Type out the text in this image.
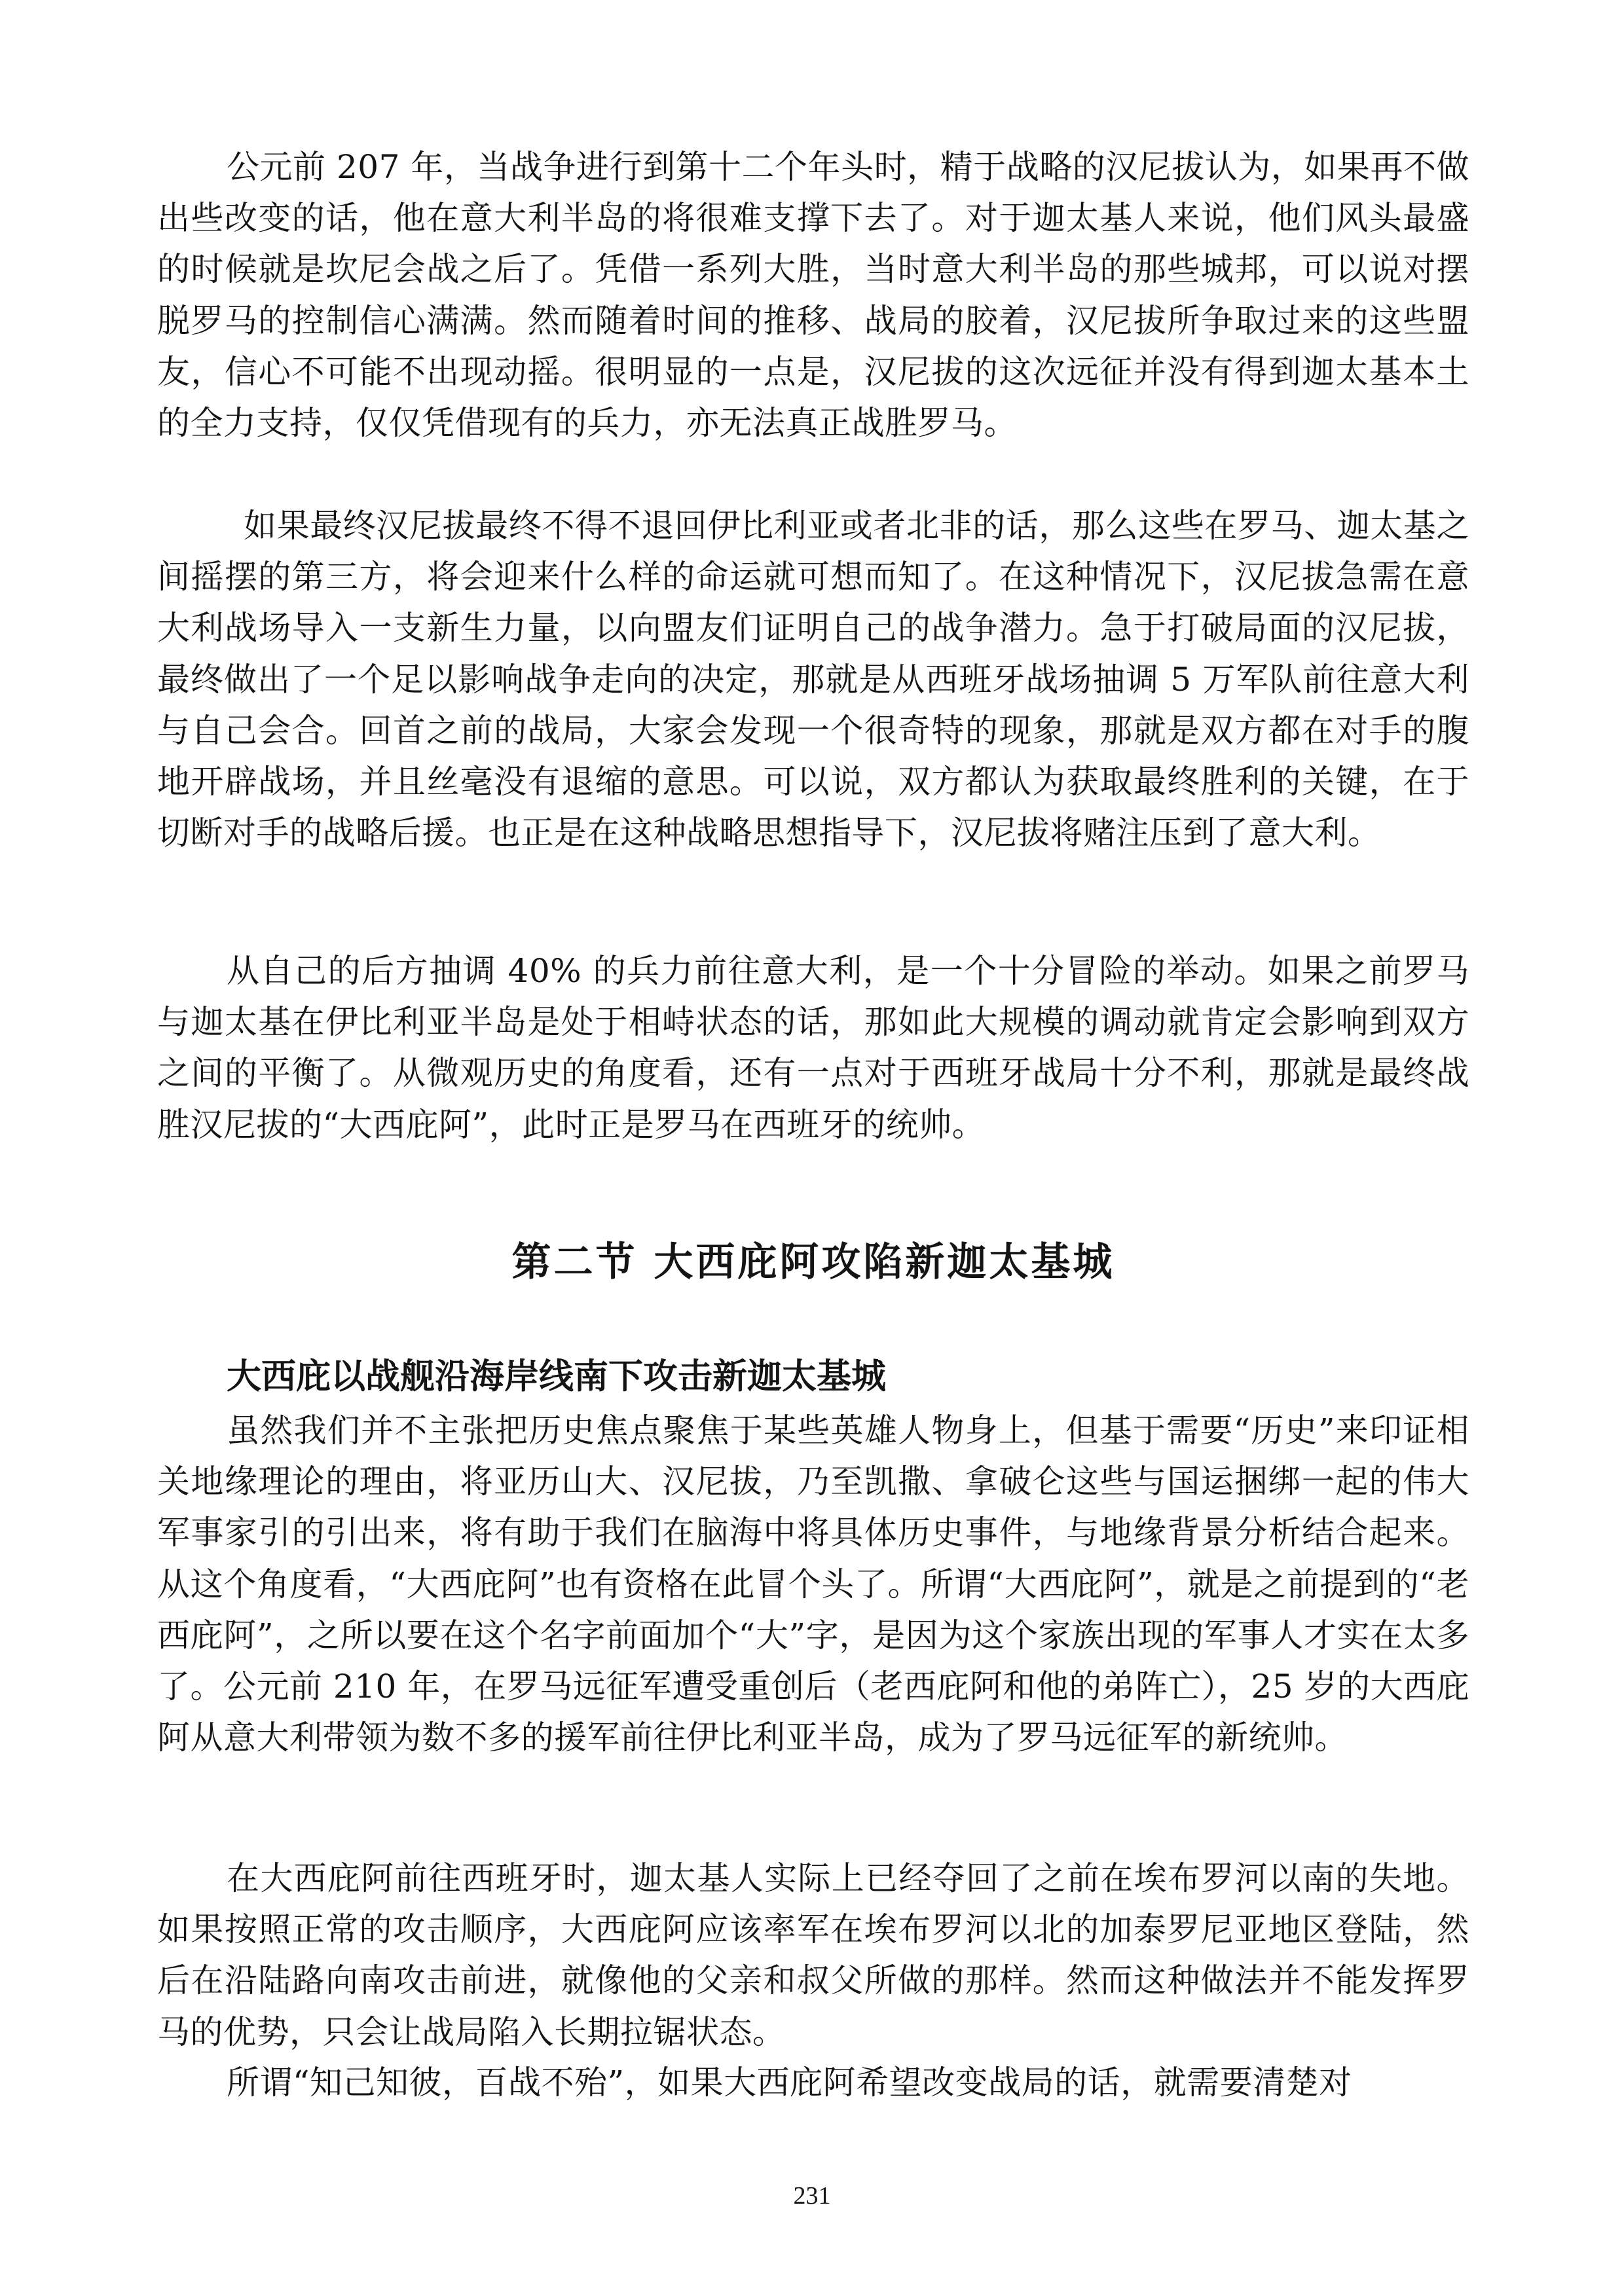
公元前 207 年，当战争进行到第十二个年头时，精于战略的汉尼拔认为，如果再不做出些改变的话，他在意大利半岛的将很难支撑下去了。对于迦太基人来说，他们风头最盛的时候就是坎尼会战之后了。凭借一系列大胜，当时意大利半岛的那些城邦，可以说对摆脱罗马的控制信心满满。然而随着时间的推移、战局的胶着，汉尼拔所争取过来的这些盟友，信心不可能不出现动摇。很明显的一点是，汉尼拔的这次远征并没有得到迦太基本土的全力支持，仅仅凭借现有的兵力，亦无法真正战胜罗马。

如果最终汉尼拔最终不得不退回伊比利亚或者北非的话，那么这些在罗马、迦太基之间摇摆的第三方，将会迎来什么样的命运就可想而知了。在这种情况下，汉尼拔急需在意大利战场导入一支新生力量，以向盟友们证明自己的战争潜力。急于打破局面的汉尼拔，最终做出了一个足以影响战争走向的决定，那就是从西班牙战场抽调 5 万军队前往意大利与自己会合。回首之前的战局，大家会发现一个很奇特的现象，那就是双方都在对手的腹地开辟战场，并且丝毫没有退缩的意思。可以说，双方都认为获取最终胜利的关键，在于切断对手的战略后援。也正是在这种战略思想指导下，汉尼拔将赌注压到了意大利。

从自己的后方抽调 40% 的兵力前往意大利，是一个十分冒险的举动。如果之前罗马与迦太基在伊比利亚半岛是处于相峙状态的话，那如此大规模的调动就肯定会影响到双方之间的平衡了。从微观历史的角度看，还有一点对于西班牙战局十分不利，那就是最终战胜汉尼拔的“大西庇阿”，此时正是罗马在西班牙的统帅。

第二节 大西庇阿攻陷新迦太基城
大西庇以战舰沿海岸线南下攻击新迦太基城

虽然我们并不主张把历史焦点聚焦于某些英雄人物身上，但基于需要“历史”来印证相关地缘理论的理由，将亚历山大、汉尼拔，乃至凯撒、拿破仑这些与国运捆绑一起的伟大军事家引的引出来，将有助于我们在脑海中将具体历史事件，与地缘背景分析结合起来。从这个角度看，“大西庇阿”也有资格在此冒个头了。所谓“大西庇阿”，就是之前提到的“老西庇阿”，之所以要在这个名字前面加个“大”字，是因为这个家族出现的军事人才实在太多了。公元前 210 年，在罗马远征军遭受重创后（老西庇阿和他的弟阵亡），25 岁的大西庇阿从意大利带领为数不多的援军前往伊比利亚半岛，成为了罗马远征军的新统帅。

在大西庇阿前往西班牙时，迦太基人实际上已经夺回了之前在埃布罗河以南的失地。如果按照正常的攻击顺序，大西庇阿应该率军在埃布罗河以北的加泰罗尼亚地区登陆，然后在沿陆路向南攻击前进，就像他的父亲和叔父所做的那样。然而这种做法并不能发挥罗马的优势，只会让战局陷入长期拉锯状态。

所谓“知己知彼，百战不殆”，如果大西庇阿希望改变战局的话，就需要清楚对

231
